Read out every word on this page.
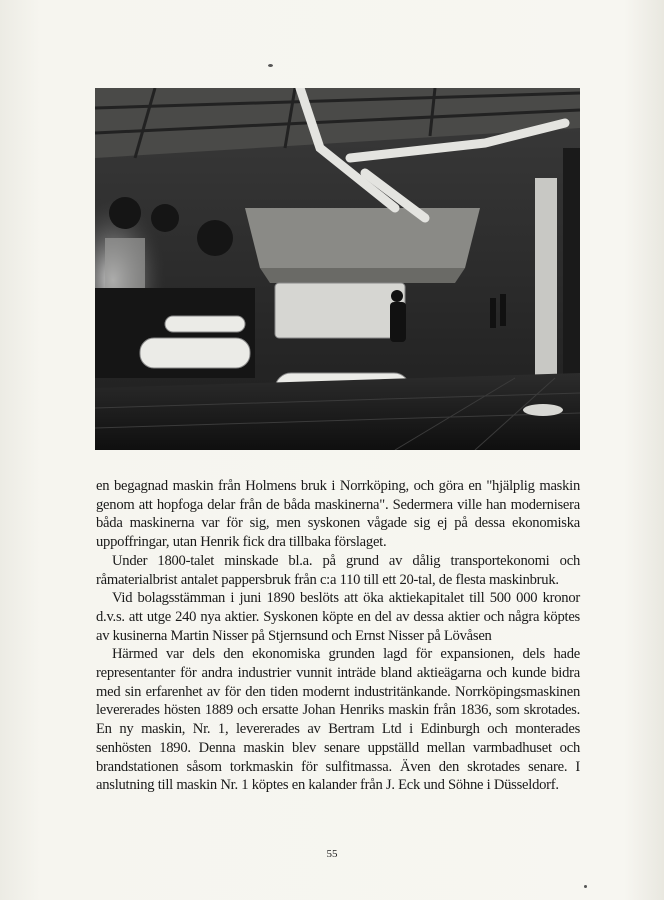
en begagnad maskin från Holmens bruk i Norrköping, och göra en "hjälplig maskin genom att hopfoga delar från de båda maskinerna". Sedermera ville han modernisera båda maskinerna var för sig, men syskonen vågade sig ej på dessa ekonomiska uppoffringar, utan Henrik fick dra tillbaka förslaget.

Under 1800-talet minskade bl.a. på grund av dålig transportekonomi och råmaterialbrist antalet pappersbruk från c:a 110 till ett 20-tal, de flesta maskinbruk.

Vid bolagsstämman i juni 1890 beslöts att öka aktiekapitalet till 500 000 kronor d.v.s. att utge 240 nya aktier. Syskonen köpte en del av dessa aktier och några köptes av kusinerna Martin Nisser på Stjernsund och Ernst Nisser på Lövåsen

Härmed var dels den ekonomiska grunden lagd för expansionen, dels hade representanter för andra industrier vunnit inträde bland aktieägarna och kunde bidra med sin erfarenhet av för den tiden modernt industritänkande. Norrköpingsmaskinen levererades hösten 1889 och ersatte Johan Henriks maskin från 1836, som skrotades. En ny maskin, Nr. 1, levererades av Bertram Ltd i Edinburgh och monterades senhösten 1890. Denna maskin blev senare uppställd mellan varmbadhuset och brandstationen såsom torkmaskin för sulfitmassa. Även den skrotades senare. I anslutning till maskin Nr. 1 köptes en kalander från J. Eck und Söhne i Düsseldorf.

55
